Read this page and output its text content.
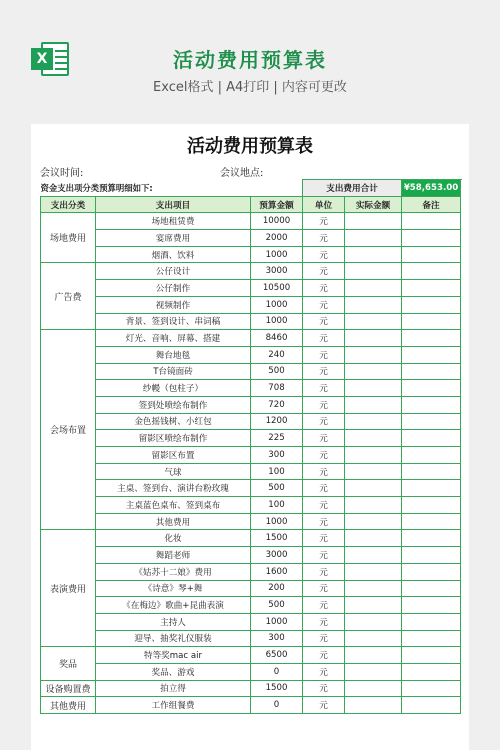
X	活动费用预算表
Excel格式 | A4打印 | 内容可更改
活动费用预算表
会议时间:	会议地点:
资金支出项分类预算明细如下:			支出费用合计		¥58,653.00
支出分类	支出项目	预算金额	单位	实际金额	备注
场地费用	场地租赁费	10000	元		
	宴席费用	2000	元		
	烟酒、饮料	1000	元		
广告费	公仔设计	3000	元		
	公仔制作	10500	元		
	视频制作	1000	元		
	背景、签到设计、串词稿	1000	元		
会场布置	灯光、音响、屏幕、搭建	8460	元		
	舞台地毯	240	元		
	T台镜面砖	500	元		
	纱幔（包柱子）	708	元		
	签到处喷绘布制作	720	元		
	金色摇钱树、小红包	1200	元		
	留影区喷绘布制作	225	元		
	留影区布置	300	元		
	气球	100	元		
	主桌、签到台、演讲台粉玫瑰	500	元		
	主桌蓝色桌布、签到桌布	100	元		
	其他费用	1000	元		
表演费用	化妆	1500	元		
	舞蹈老师	3000	元		
	《姑苏十二娘》费用	1600	元		
	《诗意》琴+舞	200	元		
	《在梅边》歌曲+昆曲表演	500	元		
	主持人	1000	元		
	迎导、抽奖礼仪服装	300	元		
奖品	特等奖mac air	6500	元		
	奖品、游戏	0	元		
设备购置费	拍立得	1500	元		
其他费用	工作组餐费	0	元		
